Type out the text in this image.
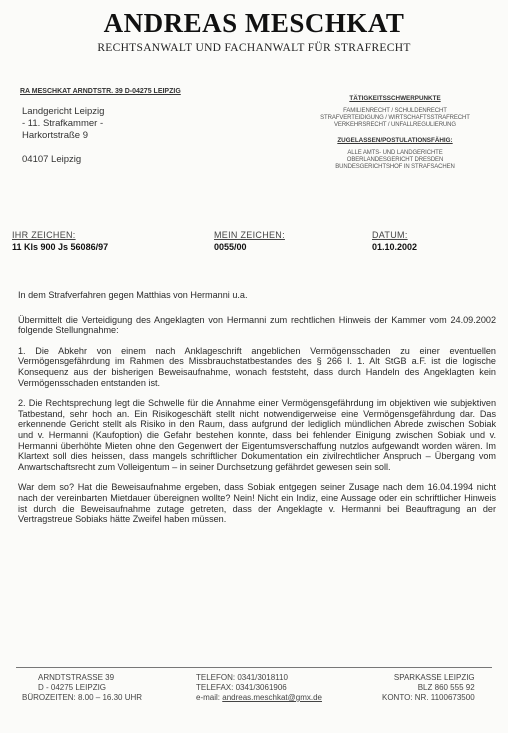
ANDREAS MESCHKAT
RECHTSANWALT UND FACHANWALT FÜR STRAFRECHT
RA MESCHKAT ARNDTSTR. 39 D-04275 LEIPZIG
Landgericht Leipzig
- 11. Strafkammer -
Harkortstraße 9
04107 Leipzig
TÄTIGKEITSSCHWERPUNKTE
FAMILIENRECHT / SCHULDENRECHT
STRAFVERTEIDIGUNG / WIRTSCHAFTSSTRAFRECHT
VERKEHRSRECHT / UNFALLREGULIERUNG
ZUGELASSEN/POSTULATIONSFÄHIG:
ALLE AMTS- UND LANDGERICHTE
OBERLANDESGERICHT DRESDEN
BUNDESGERICHTSHOF IN STRAFSACHEN
IHR ZEICHEN:
11 Kls 900 Js 56086/97
MEIN ZEICHEN:
0055/00
DATUM:
01.10.2002

In dem Strafverfahren gegen Matthias von Hermanni u.a.

Übermittelt die Verteidigung des Angeklagten von Hermanni zum rechtlichen Hinweis der Kammer vom 24.09.2002 folgende Stellungnahme:

1. Die Abkehr von einem nach Anklageschrift angeblichen Vermögensschaden zu einer eventuellen Vermögensgefährdung im Rahmen des Missbrauchstatbestandes des § 266 I. 1. Alt StGB a.F. ist die logische Konsequenz aus der bisherigen Beweisaufnahme, wonach feststeht, dass durch Handeln des Angeklagten kein Vermögensschaden entstanden ist.

2. Die Rechtsprechung legt die Schwelle für die Annahme einer Vermögensgefährdung im objektiven wie subjektiven Tatbestand, sehr hoch an. Ein Risikogeschäft stellt nicht notwendigerweise eine Vermögensgefährdung dar. Das erkennende Gericht stellt als Risiko in den Raum, dass aufgrund der lediglich mündlichen Abrede zwischen Sobiak und v. Hermanni (Kaufoption) die Gefahr bestehen konnte, dass bei fehlender Einigung zwischen Sobiak und v. Hermanni überhöhte Mieten ohne den Gegenwert der Eigentumsverschaffung nutzlos aufgewandt worden wären. Im Klartext soll dies heissen, dass mangels schriftlicher Dokumentation ein zivilrechtlicher Anspruch – Übergang vom Anwartschaftsrecht zum Volleigentum – in seiner Durchsetzung gefährdet gewesen sein soll.

War dem so? Hat die Beweisaufnahme ergeben, dass Sobiak entgegen seiner Zusage nach dem 16.04.1994 nicht nach der vereinbarten Mietdauer übereignen wollte? Nein! Nicht ein Indiz, eine Aussage oder ein schriftlicher Hinweis ist durch die Beweisaufnahme zutage getreten, dass der Angeklagte v. Hermanni bei Beauftragung an der Vertragstreue Sobiaks hätte Zweifel haben müssen.

ARNDTSTRASSE 39
D - 04275 LEIPZIG
BÜROZEITEN: 8.00 – 16.30 UHR
TELEFON: 0341/3018110
TELEFAX: 0341/3061906
e-mail: andreas.meschkat@gmx.de
SPARKASSE LEIPZIG
BLZ 860 555 92
KONTO: NR. 1100673500
